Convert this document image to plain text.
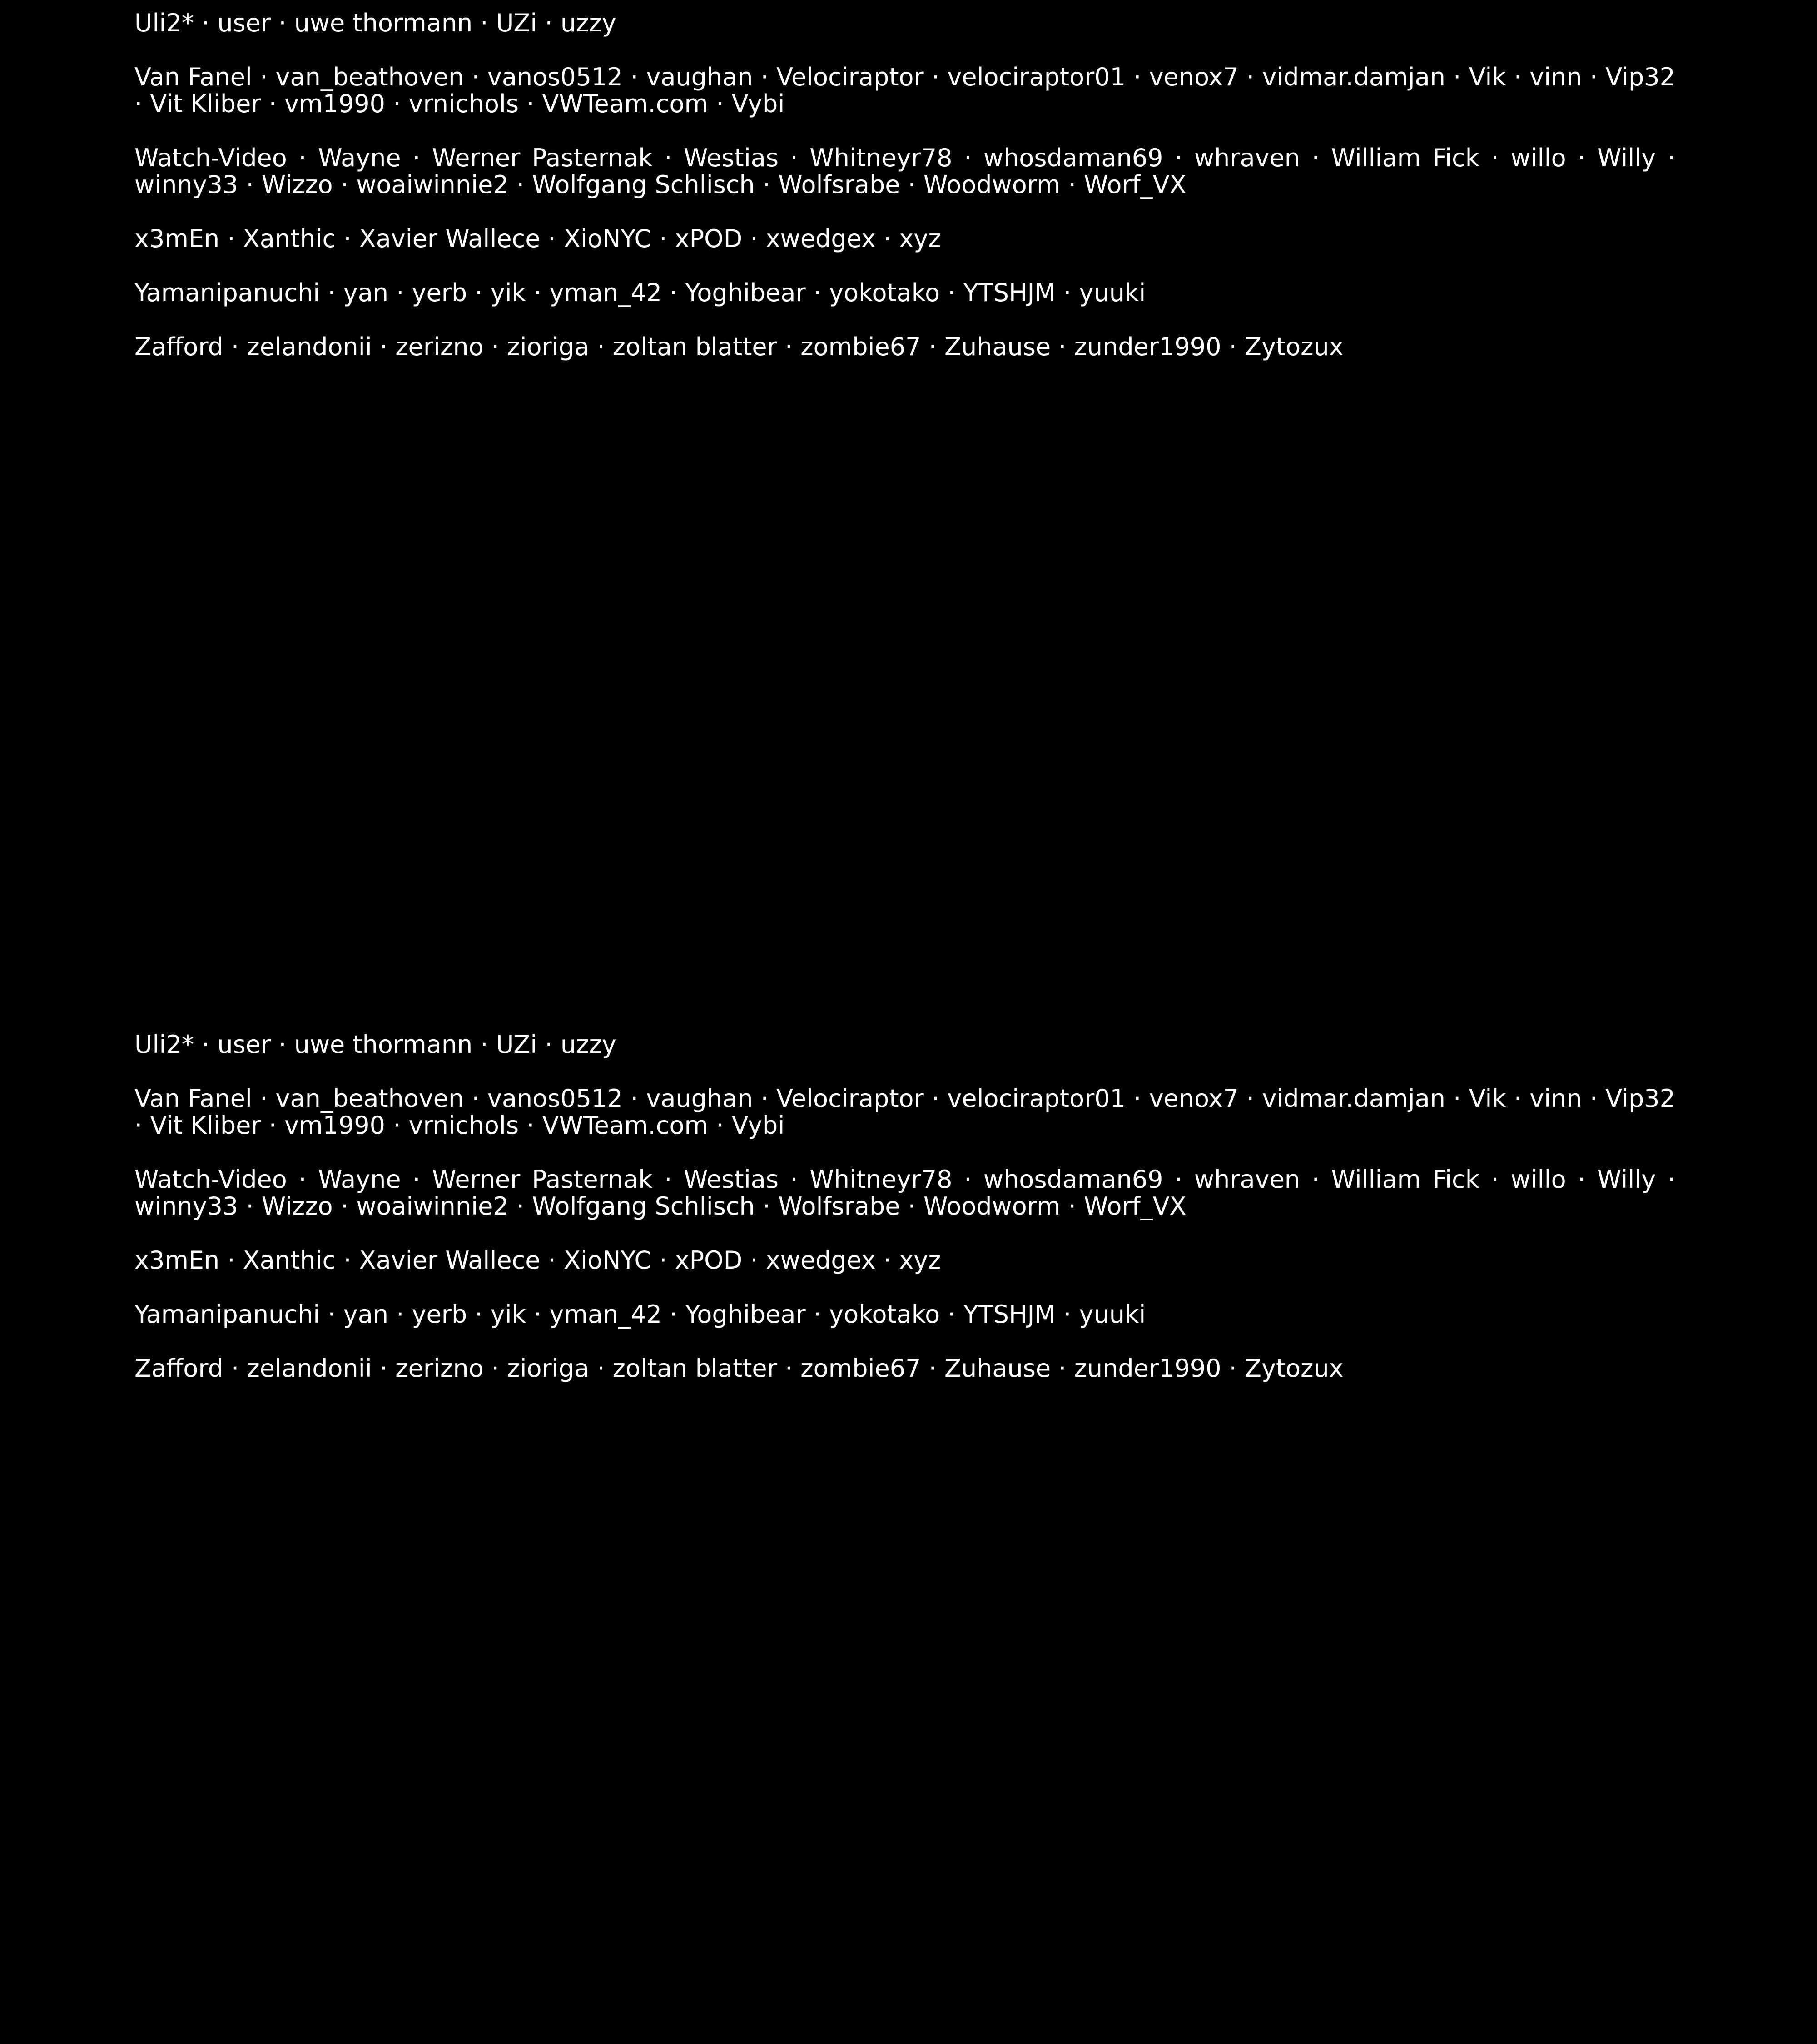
Uli2* · user · uwe thormann · UZi · uzzy

Van Fanel · van_beathoven · vanos0512 · vaughan · Velociraptor · velociraptor01 · venox7 · vidmar.damjan · Vik · vinn · Vip32 · Vit Kliber · vm1990 · vrnichols · VWTeam.com · Vybi

Watch-Video · Wayne · Werner Pasternak · Westias · Whitneyr78 · whosdaman69 · whraven · William Fick · willo · Willy · winny33 · Wizzo · woaiwinnie2 · Wolfgang Schlisch · Wolfsrabe · Woodworm · Worf_VX

x3mEn · Xanthic · Xavier Wallece · XioNYC · xPOD · xwedgex · xyz

Yamanipanuchi · yan · yerb · yik · yman_42 · Yoghibear · yokotako · YTSHJM · yuuki

Zafford · zelandonii · zerizno · zioriga · zoltan blatter · zombie67 · Zuhause · zunder1990 · Zytozux

Uli2* · user · uwe thormann · UZi · uzzy

Van Fanel · van_beathoven · vanos0512 · vaughan · Velociraptor · velociraptor01 · venox7 · vidmar.damjan · Vik · vinn · Vip32 · Vit Kliber · vm1990 · vrnichols · VWTeam.com · Vybi

Watch-Video · Wayne · Werner Pasternak · Westias · Whitneyr78 · whosdaman69 · whraven · William Fick · willo · Willy · winny33 · Wizzo · woaiwinnie2 · Wolfgang Schlisch · Wolfsrabe · Woodworm · Worf_VX

x3mEn · Xanthic · Xavier Wallece · XioNYC · xPOD · xwedgex · xyz

Yamanipanuchi · yan · yerb · yik · yman_42 · Yoghibear · yokotako · YTSHJM · yuuki

Zafford · zelandonii · zerizno · zioriga · zoltan blatter · zombie67 · Zuhause · zunder1990 · Zytozux
